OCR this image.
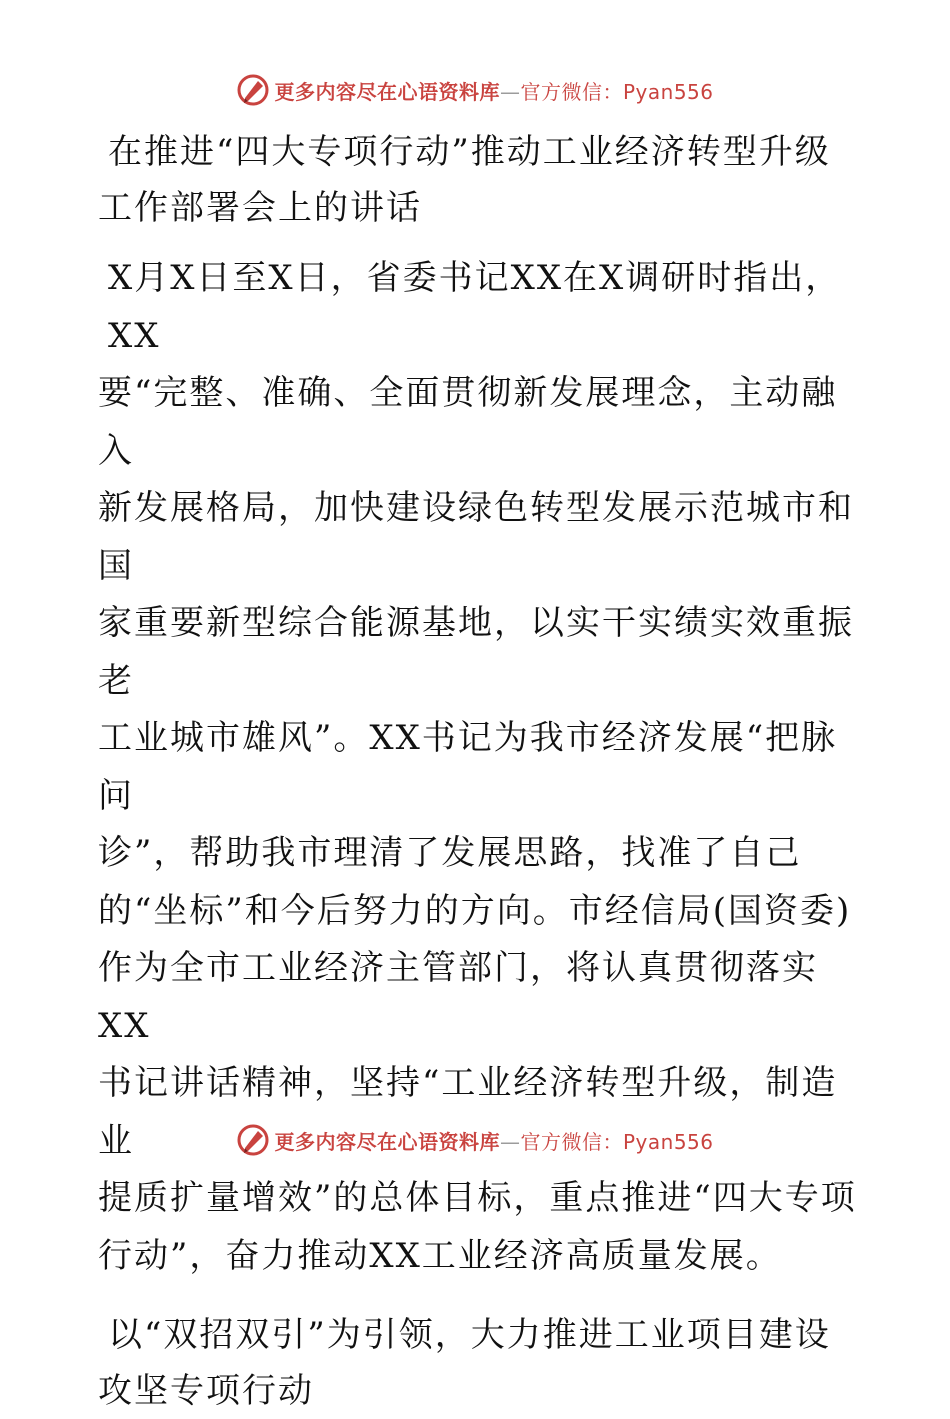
更多内容尽在心语资料库—官方微信：Pyan556
在推进“四大专项行动”推动工业经济转型升级
工作部署会上的讲话
X月X日至X日，省委书记XX在X调研时指出，XX
要“完整、准确、全面贯彻新发展理念，主动融入
新发展格局，加快建设绿色转型发展示范城市和国
家重要新型综合能源基地，以实干实绩实效重振老
工业城市雄风”。XX书记为我市经济发展“把脉问
诊”，帮助我市理清了发展思路，找准了自己
的“坐标”和今后努力的方向。市经信局(国资委)
作为全市工业经济主管部门，将认真贯彻落实XX
书记讲话精神，坚持“工业经济转型升级，制造业
提质扩量增效”的总体目标，重点推进“四大专项
行动”，奋力推动XX工业经济高质量发展。
以“双招双引”为引领，大力推进工业项目建设
攻坚专项行动
更多内容尽在心语资料库—官方微信：Pyan556
